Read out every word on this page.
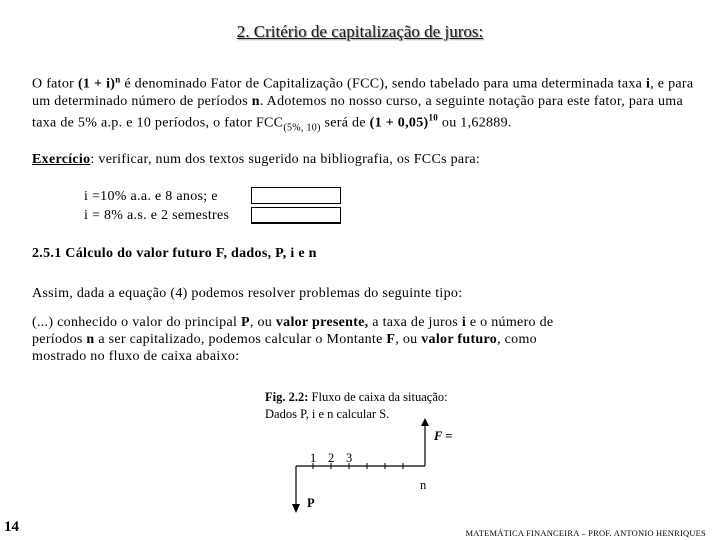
2. Critério de capitalização de juros:
O fator $(1 + i)^n$ é denominado Fator de Capitalização (FCC), sendo tabelado para uma determinada taxa i, e para um determinado número de períodos n. Adotemos no nosso curso, a seguinte notação para este fator, para uma taxa de 5% a.p. e 10 períodos, o fator $FCC_{(5\%, 10)}$ será de $(1 + 0,05)^{10}$ ou 1,62889.
Exercício: verificar, num dos textos sugerido na bibliografia, os FCCs para:
i =10% a.a. e 8 anos; e
i = 8% a.s. e 2 semestres
2.5.1 Cálculo do valor futuro F, dados, P, i e n
Assim, dada a equação (4) podemos resolver problemas do seguinte tipo:
(...) conhecido o valor do principal P, ou valor presente, a taxa de juros i e o número de períodos n a ser capitalizado, podemos calcular o Montante F, ou valor futuro, como mostrado no fluxo de caixa abaixo:
Fig. 2.2: Fluxo de caixa da situação:
Dados P, i e n calcular S.
F =
1 2 3
n
P
14	MATEMÁTICA FINANCEIRA – PROF. ANTONIO HENRIQUES
